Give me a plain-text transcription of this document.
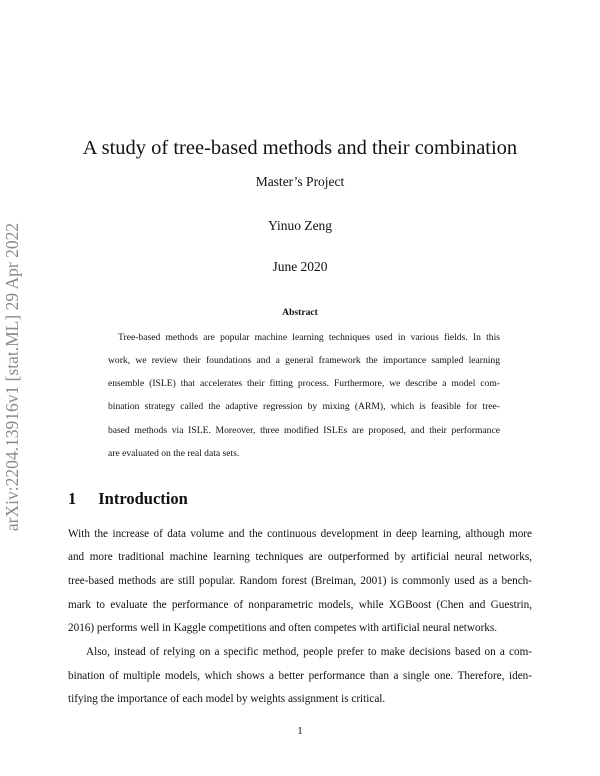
arXiv:2204.13916v1 [stat.ML] 29 Apr 2022
A study of tree-based methods and their combination
Master’s Project
Yinuo Zeng
June 2020
Abstract
Tree-based methods are popular machine learning techniques used in various fields. In this
work, we review their foundations and a general framework the importance sampled learning
ensemble (ISLE) that accelerates their fitting process. Furthermore, we describe a model com-
bination strategy called the adaptive regression by mixing (ARM), which is feasible for tree-
based methods via ISLE. Moreover, three modified ISLEs are proposed, and their performance
are evaluated on the real data sets.
1 Introduction
With the increase of data volume and the continuous development in deep learning, although more
and more traditional machine learning techniques are outperformed by artificial neural networks,
tree-based methods are still popular. Random forest (Breiman, 2001) is commonly used as a bench-
mark to evaluate the performance of nonparametric models, while XGBoost (Chen and Guestrin,
2016) performs well in Kaggle competitions and often competes with artificial neural networks.
Also, instead of relying on a specific method, people prefer to make decisions based on a com-
bination of multiple models, which shows a better performance than a single one. Therefore, iden-
tifying the importance of each model by weights assignment is critical.
1
